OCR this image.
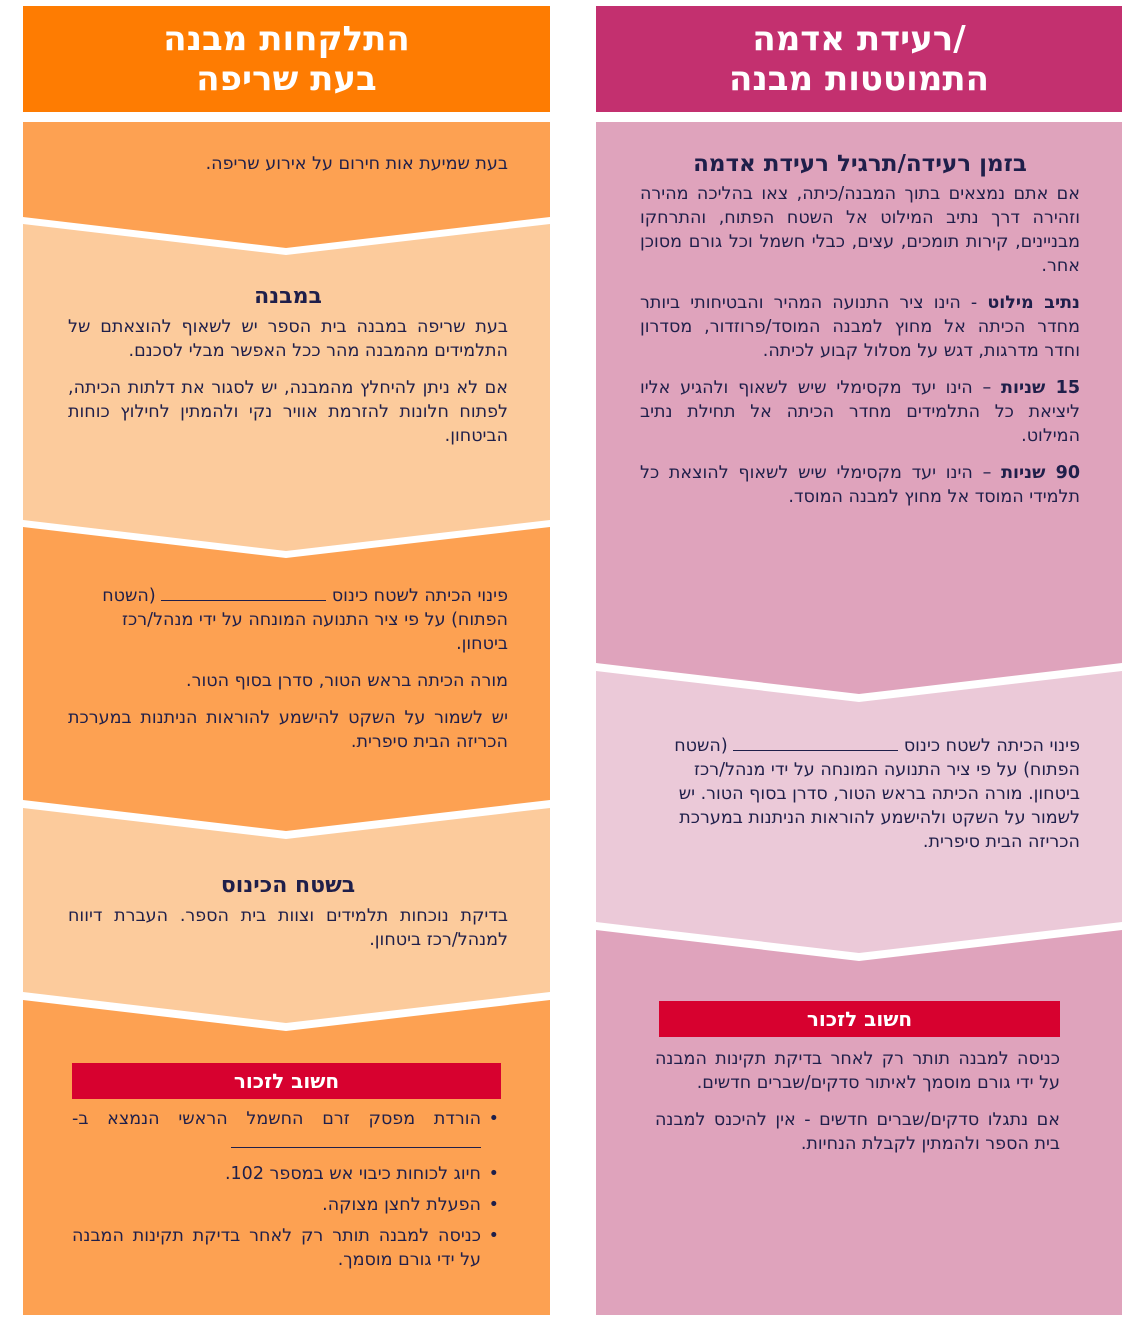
רעידת אדמה/
התמוטטות מבנה
בזמן רעידה/תרגיל רעידת אדמה

אם אתם נמצאים בתוך המבנה/כיתה, צאו בהליכה מהירה וזהירה דרך נתיב המילוט אל השטח הפתוח, והתרחקו מבניינים, קירות תומכים, עצים, כבלי חשמל וכל גורם מסוכן אחר.

נתיב מילוט - הינו ציר התנועה המהיר והבטיחותי ביותר מחדר הכיתה אל מחוץ למבנה המוסד/פרוזדור, מסדרון וחדר מדרגות, דגש על מסלול קבוע לכיתה.

15 שניות – הינו יעד מקסימלי שיש לשאוף ולהגיע אליו ליציאת כל התלמידים מחדר הכיתה אל תחילת נתיב המילוט.

90 שניות – הינו יעד מקסימלי שיש לשאוף להוצאת כל תלמידי המוסד אל מחוץ למבנה המוסד.

פינוי הכיתה לשטח כינוס  (השטח הפתוח) על פי ציר התנועה המונחה על ידי מנהל/רכז ביטחון. מורה הכיתה בראש הטור, סדרן בסוף הטור. יש לשמור על השקט ולהישמע להוראות הניתנות במערכת הכריזה הבית סיפרית.

חשוב לזכור

כניסה למבנה תותר רק לאחר בדיקת תקינות המבנה על ידי גורם מוסמך לאיתור סדקים/שברים חדשים.

אם נתגלו סדקים/שברים חדשים - אין להיכנס למבנה בית הספר ולהמתין לקבלת הנחיות.

התלקחות מבנה
בעת שריפה

בעת שמיעת אות חירום על אירוע שריפה.

במבנה

בעת שריפה במבנה בית הספר יש לשאוף להוצאתם של התלמידים מהמבנה מהר ככל האפשר מבלי לסכנם.

אם לא ניתן להיחלץ מהמבנה, יש לסגור את דלתות הכיתה, לפתוח חלונות להזרמת אוויר נקי ולהמתין לחילוץ כוחות הביטחון.

פינוי הכיתה לשטח כינוס  (השטח הפתוח) על פי ציר התנועה המונחה על ידי מנהל/רכז ביטחון.

מורה הכיתה בראש הטור, סדרן בסוף הטור.

יש לשמור על השקט להישמע להוראות הניתנות במערכת הכריזה הבית סיפרית.

בשטח הכינוס

בדיקת נוכחות תלמידים וצוות בית הספר. העברת דיווח למנהל/רכז ביטחון.

חשוב לזכור
• הורדת מפסק זרם החשמל הראשי הנמצא ב-
• חיוג לכוחות כיבוי אש במספר 102.
• הפעלת לחצן מצוקה.
• כניסה למבנה תותר רק לאחר בדיקת תקינות המבנה על ידי גורם מוסמך.
